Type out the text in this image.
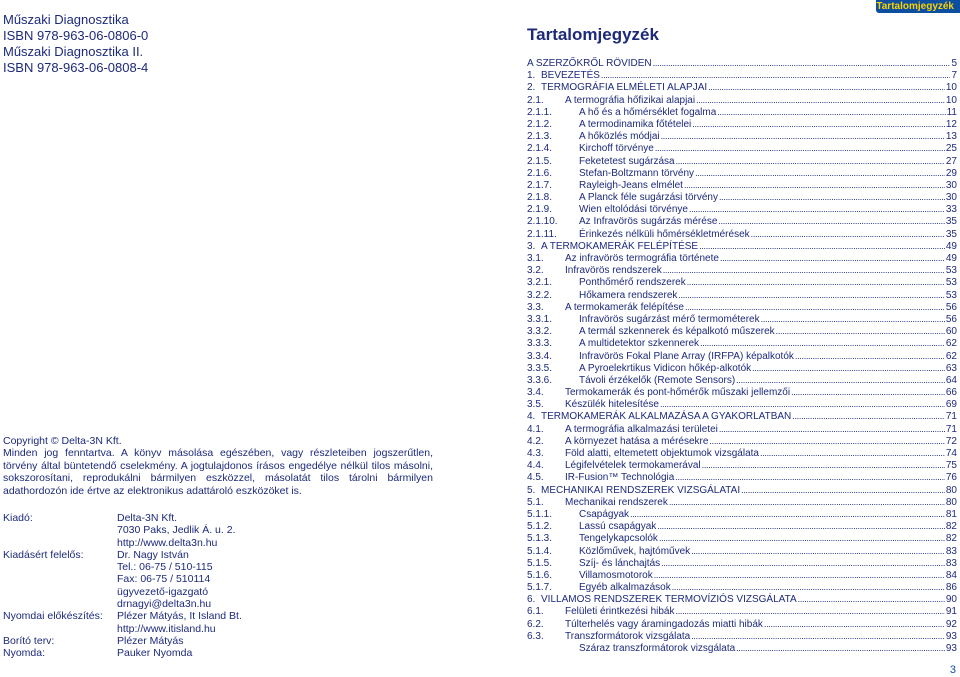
Műszaki Diagnosztika
ISBN 978-963-06-0806-0
Műszaki Diagnosztika II.
ISBN 978-963-06-0808-4
Copyright © Delta-3N Kft.
Minden jog fenntartva. A könyv másolása egészében, vagy részleteiben jogszerűtlen, törvény által büntetendő cselekmény. A jogtulajdonos írásos engedélye nélkül tilos másolni, sokszorosítani, reprodukálni bármilyen eszközzel, másolatát tilos tárolni bármilyen adathordozón ide értve az elektronikus adattároló eszközöket is.
Kiadó:	Delta-3N Kft.
7030 Paks, Jedlik Á. u. 2.
http://www.delta3n.hu
Kiadásért felelős:	Dr. Nagy István
Tel.: 06-75 / 510-115
Fax: 06-75 / 510114
ügyvezető-igazgató
drnagyi@delta3n.hu
Nyomdai előkészítés:	Plézer Mátyás, It Island Bt.
http://www.itisland.hu
Borító terv:	Plézer Mátyás
Nyomda:	Pauker Nyomda
Tartalomjegyzék
Tartalomjegyzék
A SZERZŐKRŐL RÖVIDEN .....	5
1. BEVEZETÉS .....	7
2. TERMOGRÁFIA ELMÉLETI ALAPJAI .....	10
2.1.	A termográfia hőfizikai alapjai .....	10
2.1.1.	A hő és a hőmérséklet fogalma .....	11
2.1.2.	A termodinamika főtételei .....	12
2.1.3.	A hőközlés módjai .....	13
2.1.4.	Kirchoff törvénye .....	25
2.1.5.	Feketetest sugárzása .....	27
2.1.6.	Stefan-Boltzmann törvény .....	29
2.1.7.	Rayleigh-Jeans elmélet .....	30
2.1.8.	A Planck féle sugárzási törvény .....	30
2.1.9.	Wien eltolódási törvénye .....	33
2.1.10.	Az Infravörös sugárzás mérése .....	35
2.1.11.	Érinkezés nélküli hőmérsékletmérések .....	35
3. A TERMOKAMERÁK FELÉPÍTÉSE .....	49
3.1.	Az infravörös termográfia története .....	49
3.2.	Infravörös rendszerek .....	53
3.2.1.	Ponthőmérő rendszerek .....	53
3.2.2.	Hőkamera rendszerek .....	53
3.3.	A termokamerák felépítése .....	56
3.3.1.	Infravörös sugárzást mérő termométerek .....	56
3.3.2.	A termál szkennerek és képalkotó műszerek .....	60
3.3.3.	A multidetektor szkennerek .....	62
3.3.4.	Infravörös Fokal Plane Array (IRFPA) képalkotók .....	62
3.3.5.	A Pyroelekrtikus Vidicon hőkép-alkotók .....	63
3.3.6.	Távoli érzékelők (Remote Sensors) .....	64
3.4.	Termokamerák és pont-hőmérők műszaki jellemzői .....	66
3.5.	Készülék hitelesítése .....	69
4. TERMOKAMERÁK ALKALMAZÁSA A GYAKORLATBAN .....	71
4.1.	A termográfia alkalmazási területei .....	71
4.2.	A környezet hatása a mérésekre .....	72
4.3.	Föld alatti, eltemetett objektumok vizsgálata .....	74
4.4.	Légifelvételek termokamerával .....	75
4.5.	IR-Fusion™ Technológia .....	76
5. MECHANIKAI RENDSZEREK VIZSGÁLATAI .....	80
5.1.	Mechanikai rendszerek .....	80
5.1.1.	Csapágyak .....	81
5.1.2.	Lassú csapágyak .....	82
5.1.3.	Tengelykapcsolók .....	82
5.1.4.	Közlőművek, hajtóművek .....	83
5.1.5.	Szíj- és lánchajtás .....	83
5.1.6.	Villamosmotorok .....	84
5.1.7.	Egyéb alkalmazások .....	86
6. VILLAMOS RENDSZEREK TERMOVÍZIÓS VIZSGÁLATA .....	90
6.1.	Felületi érintkezési hibák .....	91
6.2.	Túlterhelés vagy áramingadozás miatti hibák .....	92
6.3.	Transzformátorok vizsgálata .....	93
Száraz transzformátorok vizsgálata .....	93
3
